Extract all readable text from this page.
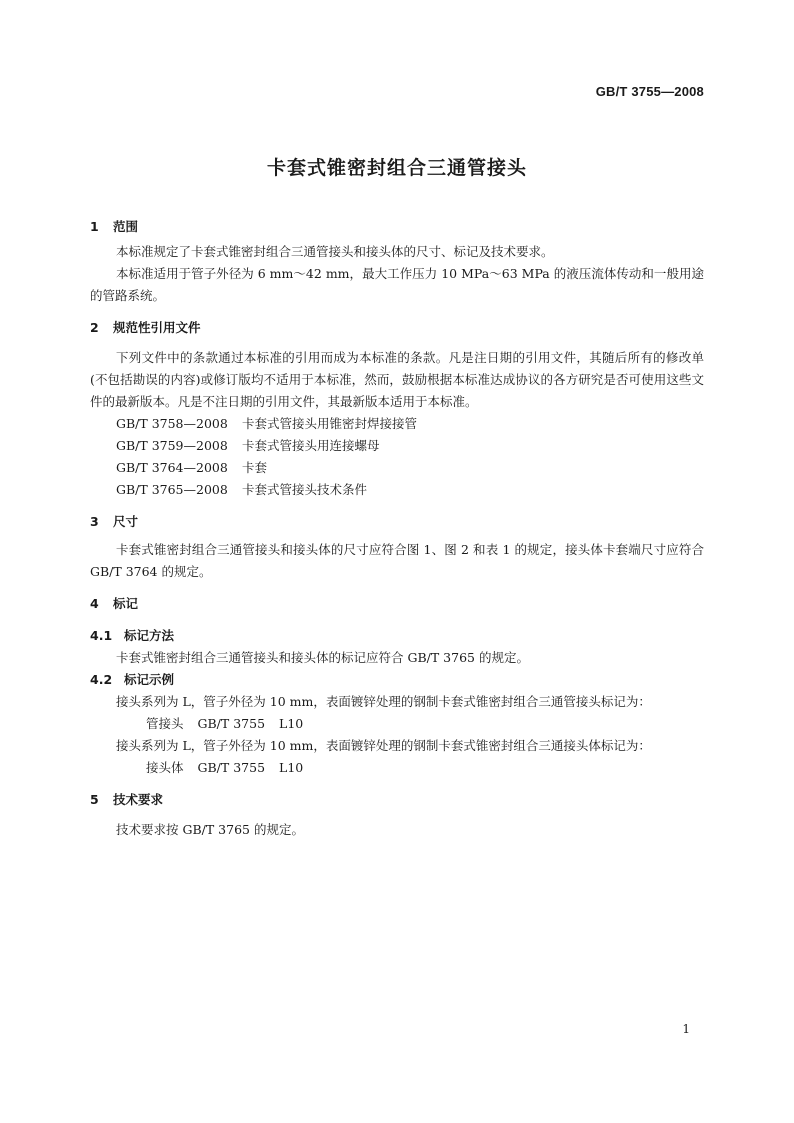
GB/T 3755—2008
卡套式锥密封组合三通管接头
1	范围

本标准规定了卡套式锥密封组合三通管接头和接头体的尺寸、标记及技术要求。

本标准适用于管子外径为 6 mm～42 mm，最大工作压力 10 MPa～63 MPa 的液压流体传动和一般用途的管路系统。

2	规范性引用文件

下列文件中的条款通过本标准的引用而成为本标准的条款。凡是注日期的引用文件，其随后所有的修改单(不包括勘误的内容)或修订版均不适用于本标准，然而，鼓励根据本标准达成协议的各方研究是否可使用这些文件的最新版本。凡是不注日期的引用文件，其最新版本适用于本标准。

GB/T 3758—2008	卡套式管接头用锥密封焊接接管
GB/T 3759—2008	卡套式管接头用连接螺母
GB/T 3764—2008	卡套
GB/T 3765—2008	卡套式管接头技术条件
3	尺寸

卡套式锥密封组合三通管接头和接头体的尺寸应符合图 1、图 2 和表 1 的规定，接头体卡套端尺寸应符合 GB/T 3764 的规定。

4	标记
4.1 标记方法

卡套式锥密封组合三通管接头和接头体的标记应符合 GB/T 3765 的规定。

4.2 标记示例

接头系列为 L，管子外径为 10 mm，表面镀锌处理的钢制卡套式锥密封组合三通管接头标记为：

管接头 GB/T 3755 L10

接头系列为 L，管子外径为 10 mm，表面镀锌处理的钢制卡套式锥密封组合三通接头体标记为：

接头体 GB/T 3755 L10
5	技术要求

技术要求按 GB/T 3765 的规定。

1
